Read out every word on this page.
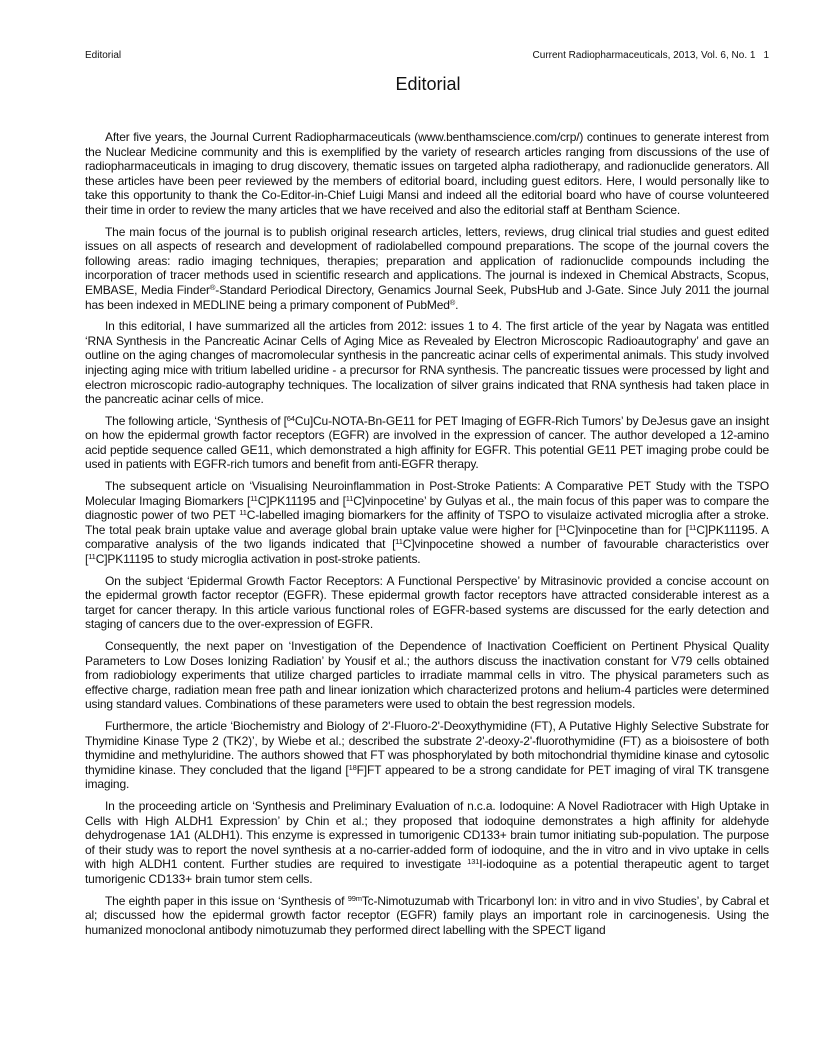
Editorial	Current Radiopharmaceuticals, 2013, Vol. 6, No. 1 1
Editorial

After five years, the Journal Current Radiopharmaceuticals (www.benthamscience.com/crp/) continues to generate interest from the Nuclear Medicine community and this is exemplified by the variety of research articles ranging from discussions of the use of radiopharmaceuticals in imaging to drug discovery, thematic issues on targeted alpha radiotherapy, and radionuclide generators. All these articles have been peer reviewed by the members of editorial board, including guest editors. Here, I would personally like to take this opportunity to thank the Co-Editor-in-Chief Luigi Mansi and indeed all the editorial board who have of course volunteered their time in order to review the many articles that we have received and also the editorial staff at Bentham Science.

The main focus of the journal is to publish original research articles, letters, reviews, drug clinical trial studies and guest edited issues on all aspects of research and development of radiolabelled compound preparations. The scope of the journal covers the following areas: radio imaging techniques, therapies; preparation and application of radionuclide compounds including the incorporation of tracer methods used in scientific research and applications. The journal is indexed in Chemical Abstracts, Scopus, EMBASE, Media Finder®-Standard Periodical Directory, Genamics Journal Seek, PubsHub and J-Gate. Since July 2011 the journal has been indexed in MEDLINE being a primary component of PubMed®.

In this editorial, I have summarized all the articles from 2012: issues 1 to 4. The first article of the year by Nagata was entitled ‘RNA Synthesis in the Pancreatic Acinar Cells of Aging Mice as Revealed by Electron Microscopic Radioautography’ and gave an outline on the aging changes of macromolecular synthesis in the pancreatic acinar cells of experimental animals. This study involved injecting aging mice with tritium labelled uridine - a precursor for RNA synthesis. The pancreatic tissues were processed by light and electron microscopic radio-autography techniques. The localization of silver grains indicated that RNA synthesis had taken place in the pancreatic acinar cells of mice.

The following article, ‘Synthesis of [$^{64}$Cu]Cu-NOTA-Bn-GE11 for PET Imaging of EGFR-Rich Tumors’ by DeJesus gave an insight on how the epidermal growth factor receptors (EGFR) are involved in the expression of cancer. The author developed a 12-amino acid peptide sequence called GE11, which demonstrated a high affinity for EGFR. This potential GE11 PET imaging probe could be used in patients with EGFR-rich tumors and benefit from anti-EGFR therapy.

The subsequent article on ‘Visualising Neuroinflammation in Post-Stroke Patients: A Comparative PET Study with the TSPO Molecular Imaging Biomarkers [$^{11}$C]PK11195 and [$^{11}$C]vinpocetine’ by Gulyas et al., the main focus of this paper was to compare the diagnostic power of two PET $^{11}$C-labelled imaging biomarkers for the affinity of TSPO to visulaize activated microglia after a stroke. The total peak brain uptake value and average global brain uptake value were higher for [$^{11}$C]vinpocetine than for [$^{11}$C]PK11195. A comparative analysis of the two ligands indicated that [$^{11}$C]vinpocetine showed a number of favourable characteristics over [$^{11}$C]PK11195 to study microglia activation in post-stroke patients.

On the subject ‘Epidermal Growth Factor Receptors: A Functional Perspective’ by Mitrasinovic provided a concise account on the epidermal growth factor receptor (EGFR). These epidermal growth factor receptors have attracted considerable interest as a target for cancer therapy. In this article various functional roles of EGFR-based systems are discussed for the early detection and staging of cancers due to the over-expression of EGFR.

Consequently, the next paper on ‘Investigation of the Dependence of Inactivation Coefficient on Pertinent Physical Quality Parameters to Low Doses Ionizing Radiation’ by Yousif et al.; the authors discuss the inactivation constant for V79 cells obtained from radiobiology experiments that utilize charged particles to irradiate mammal cells in vitro. The physical parameters such as effective charge, radiation mean free path and linear ionization which characterized protons and helium-4 particles were determined using standard values. Combinations of these parameters were used to obtain the best regression models.

Furthermore, the article ‘Biochemistry and Biology of 2'-Fluoro-2'-Deoxythymidine (FT), A Putative Highly Selective Substrate for Thymidine Kinase Type 2 (TK2)’, by Wiebe et al.; described the substrate 2'-deoxy-2'-fluorothymidine (FT) as a bioisostere of both thymidine and methyluridine. The authors showed that FT was phosphorylated by both mitochondrial thymidine kinase and cytosolic thymidine kinase. They concluded that the ligand [$^{18}$F]FT appeared to be a strong candidate for PET imaging of viral TK transgene imaging.

In the proceeding article on ‘Synthesis and Preliminary Evaluation of n.c.a. Iodoquine: A Novel Radiotracer with High Uptake in Cells with High ALDH1 Expression’ by Chin et al.; they proposed that iodoquine demonstrates a high affinity for aldehyde dehydrogenase 1A1 (ALDH1). This enzyme is expressed in tumorigenic CD133+ brain tumor initiating sub-population. The purpose of their study was to report the novel synthesis at a no-carrier-added form of iodoquine, and the in vitro and in vivo uptake in cells with high ALDH1 content. Further studies are required to investigate $^{131}$I-iodoquine as a potential therapeutic agent to target tumorigenic CD133+ brain tumor stem cells.

The eighth paper in this issue on ‘Synthesis of $^{99m}$Tc-Nimotuzumab with Tricarbonyl Ion: in vitro and in vivo Studies’, by Cabral et al; discussed how the epidermal growth factor receptor (EGFR) family plays an important role in carcinogenesis. Using the humanized monoclonal antibody nimotuzumab they performed direct labelling with the SPECT ligand
